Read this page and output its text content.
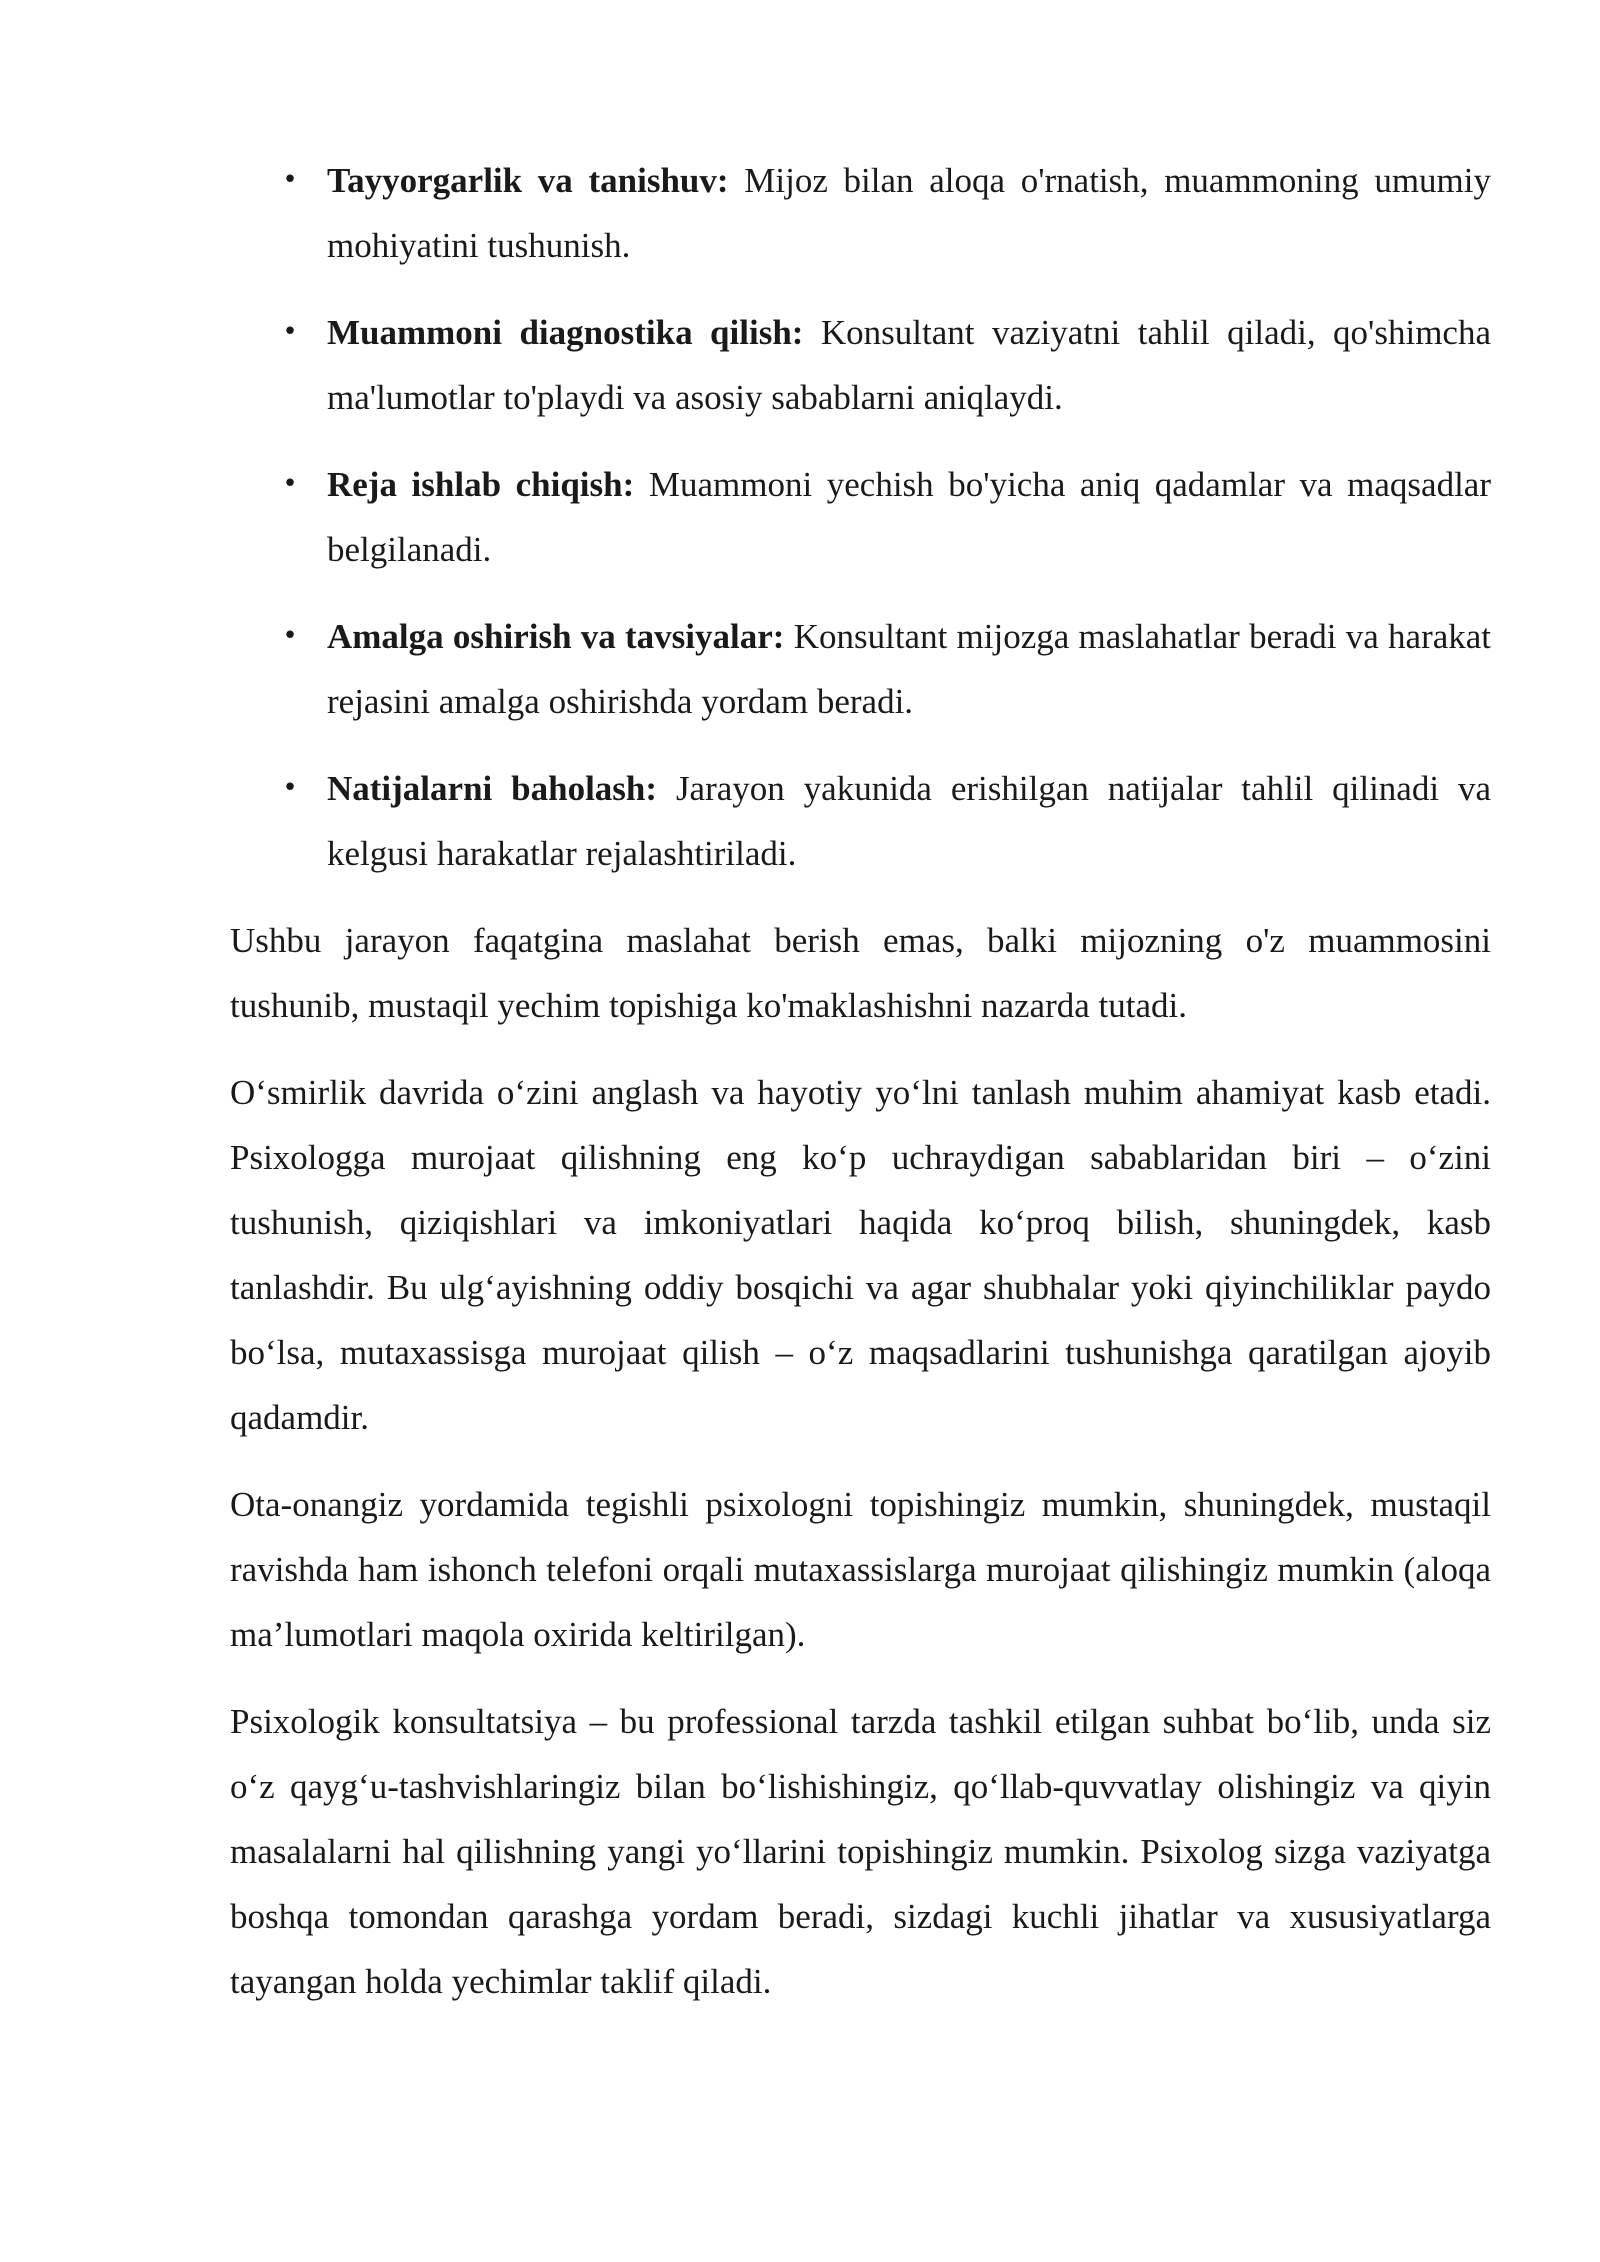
• Tayyorgarlik va tanishuv: Mijoz bilan aloqa o'rnatish, muammoning umumiy mohiyatini tushunish.
• Muammoni diagnostika qilish: Konsultant vaziyatni tahlil qiladi, qo'shimcha ma'lumotlar to'playdi va asosiy sabablarni aniqlaydi.
• Reja ishlab chiqish: Muammoni yechish bo'yicha aniq qadamlar va maqsadlar belgilanadi.
• Amalga oshirish va tavsiyalar: Konsultant mijozga maslahatlar beradi va harakat rejasini amalga oshirishda yordam beradi.
• Natijalarni baholash: Jarayon yakunida erishilgan natijalar tahlil qilinadi va kelgusi harakatlar rejalashtiriladi.

Ushbu jarayon faqatgina maslahat berish emas, balki mijozning o'z muammosini tushunib, mustaqil yechim topishiga ko'maklashishni nazarda tutadi.

O‘smirlik davrida o‘zini anglash va hayotiy yo‘lni tanlash muhim ahamiyat kasb etadi. Psixologga murojaat qilishning eng ko‘p uchraydigan sabablaridan biri – o‘zini tushunish, qiziqishlari va imkoniyatlari haqida ko‘proq bilish, shuningdek, kasb tanlashdir. Bu ulg‘ayishning oddiy bosqichi va agar shubhalar yoki qiyinchiliklar paydo bo‘lsa, mutaxassisga murojaat qilish – o‘z maqsadlarini tushunishga qaratilgan ajoyib qadamdir.

Ota-onangiz yordamida tegishli psixologni topishingiz mumkin, shuningdek, mustaqil ravishda ham ishonch telefoni orqali mutaxassislarga murojaat qilishingiz mumkin (aloqa ma’lumotlari maqola oxirida keltirilgan).

Psixologik konsultatsiya – bu professional tarzda tashkil etilgan suhbat bo‘lib, unda siz o‘z qayg‘u-tashvishlaringiz bilan bo‘lishishingiz, qo‘llab-quvvatlay olishingiz va qiyin masalalarni hal qilishning yangi yo‘llarini topishingiz mumkin. Psixolog sizga vaziyatga boshqa tomondan qarashga yordam beradi, sizdagi kuchli jihatlar va xususiyatlarga tayangan holda yechimlar taklif qiladi.
